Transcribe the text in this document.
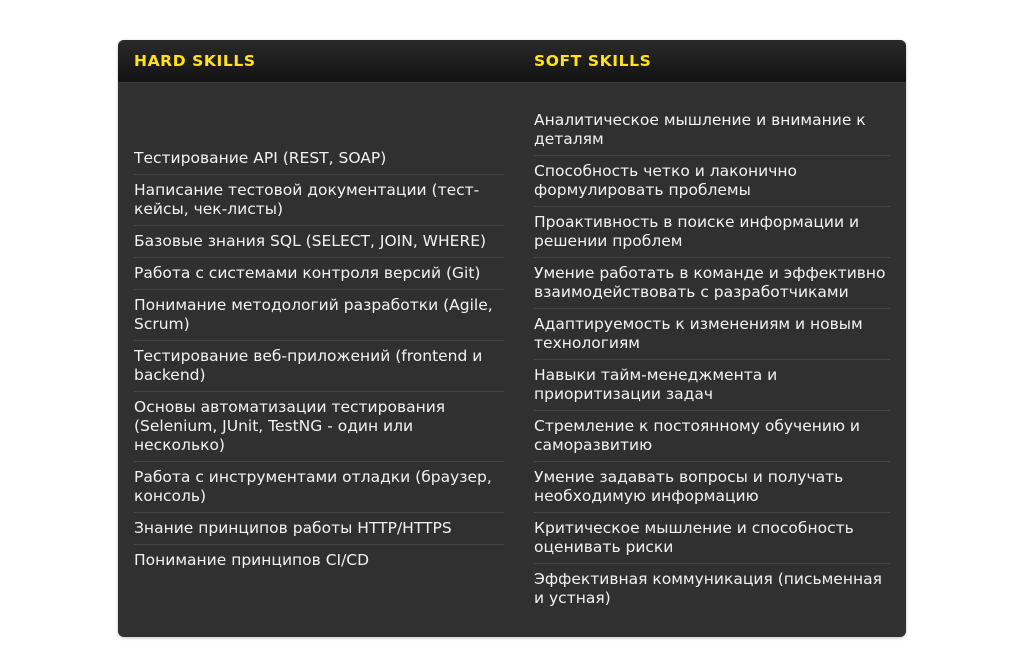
HARD SKILLS	SOFT SKILLS
Тестирование API (REST, SOAP)
Написание тестовой документации (тест-кейсы, чек-листы)
Базовые знания SQL (SELECT, JOIN, WHERE)
Работа с системами контроля версий (Git)
Понимание методологий разработки (Agile, Scrum)
Тестирование веб-приложений (frontend и backend)
Основы автоматизации тестирования (Selenium, JUnit, TestNG - один или несколько)
Работа с инструментами отладки (браузер, консоль)
Знание принципов работы HTTP/HTTPS
Понимание принципов CI/CD
Аналитическое мышление и внимание к деталям
Способность четко и лаконично формулировать проблемы
Проактивность в поиске информации и решении проблем
Умение работать в команде и эффективно взаимодействовать с разработчиками
Адаптируемость к изменениям и новым технологиям
Навыки тайм-менеджмента и приоритизации задач
Стремление к постоянному обучению и саморазвитию
Умение задавать вопросы и получать необходимую информацию
Критическое мышление и способность оценивать риски
Эффективная коммуникация (письменная и устная)
